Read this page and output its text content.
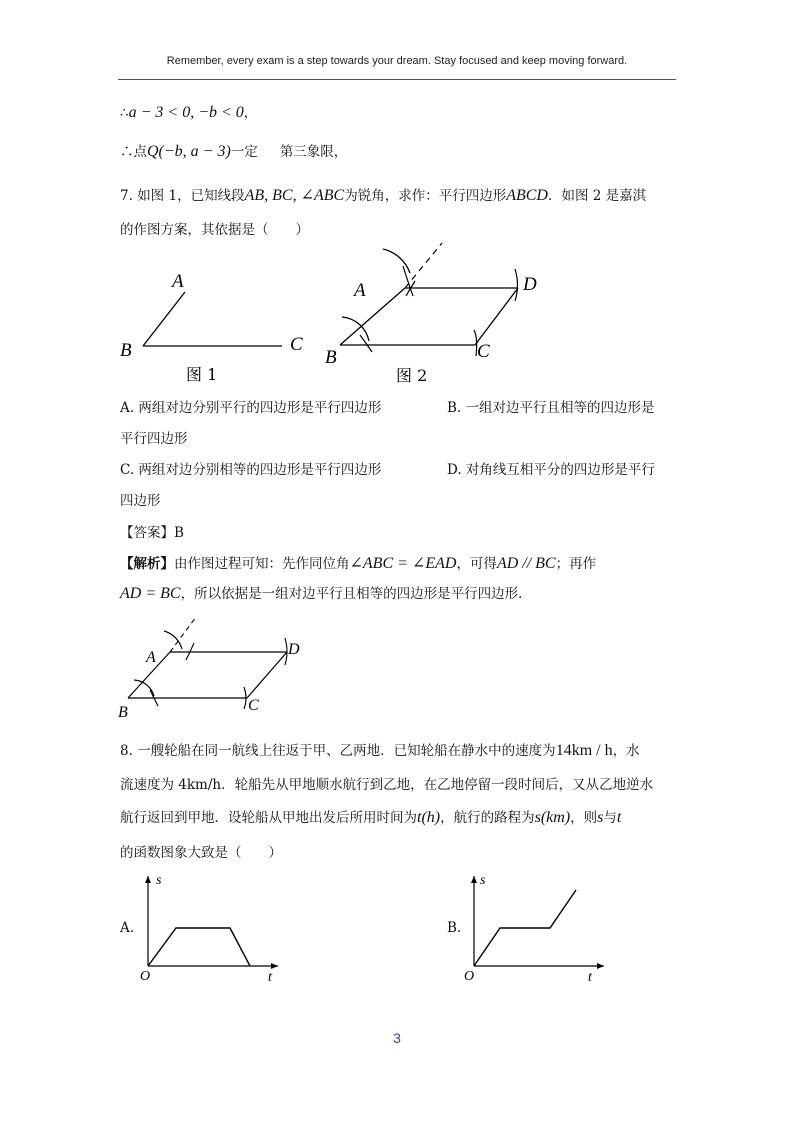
Remember, every exam is a step towards your dream. Stay focused and keep moving forward.
∴a − 3 < 0, −b < 0，
∴点Q(−b, a − 3)一定 第三象限，
7. 如图 1，已知线段AB, BC, ∠ABC为锐角，求作：平行四边形ABCD．如图 2 是嘉淇
的作图方案，其依据是（　　）
A
B	C
图 1
A
B	C
D
图 2
A. 两组对边分别平行的四边形是平行四边形	B. 一组对边平行且相等的四边形是
平行四边形
C. 两组对边分别相等的四边形是平行四边形	D. 对角线互相平分的四边形是平行
四边形
【答案】B
【解析】由作图过程可知：先作同位角∠ABC = ∠EAD，可得AD // BC；再作
AD = BC，所以依据是一组对边平行且相等的四边形是平行四边形．
A
B	C
D
8. 一艘轮船在同一航线上往返于甲、乙两地．已知轮船在静水中的速度为14km / h，水
流速度为 4km/h．轮船先从甲地顺水航行到乙地，在乙地停留一段时间后，又从乙地逆水
航行返回到甲地．设轮船从甲地出发后所用时间为t(h)，航行的路程为s(km)，则s与t
的函数图象大致是（　　）
A.
s
t
O
B.
s
t
O
3
